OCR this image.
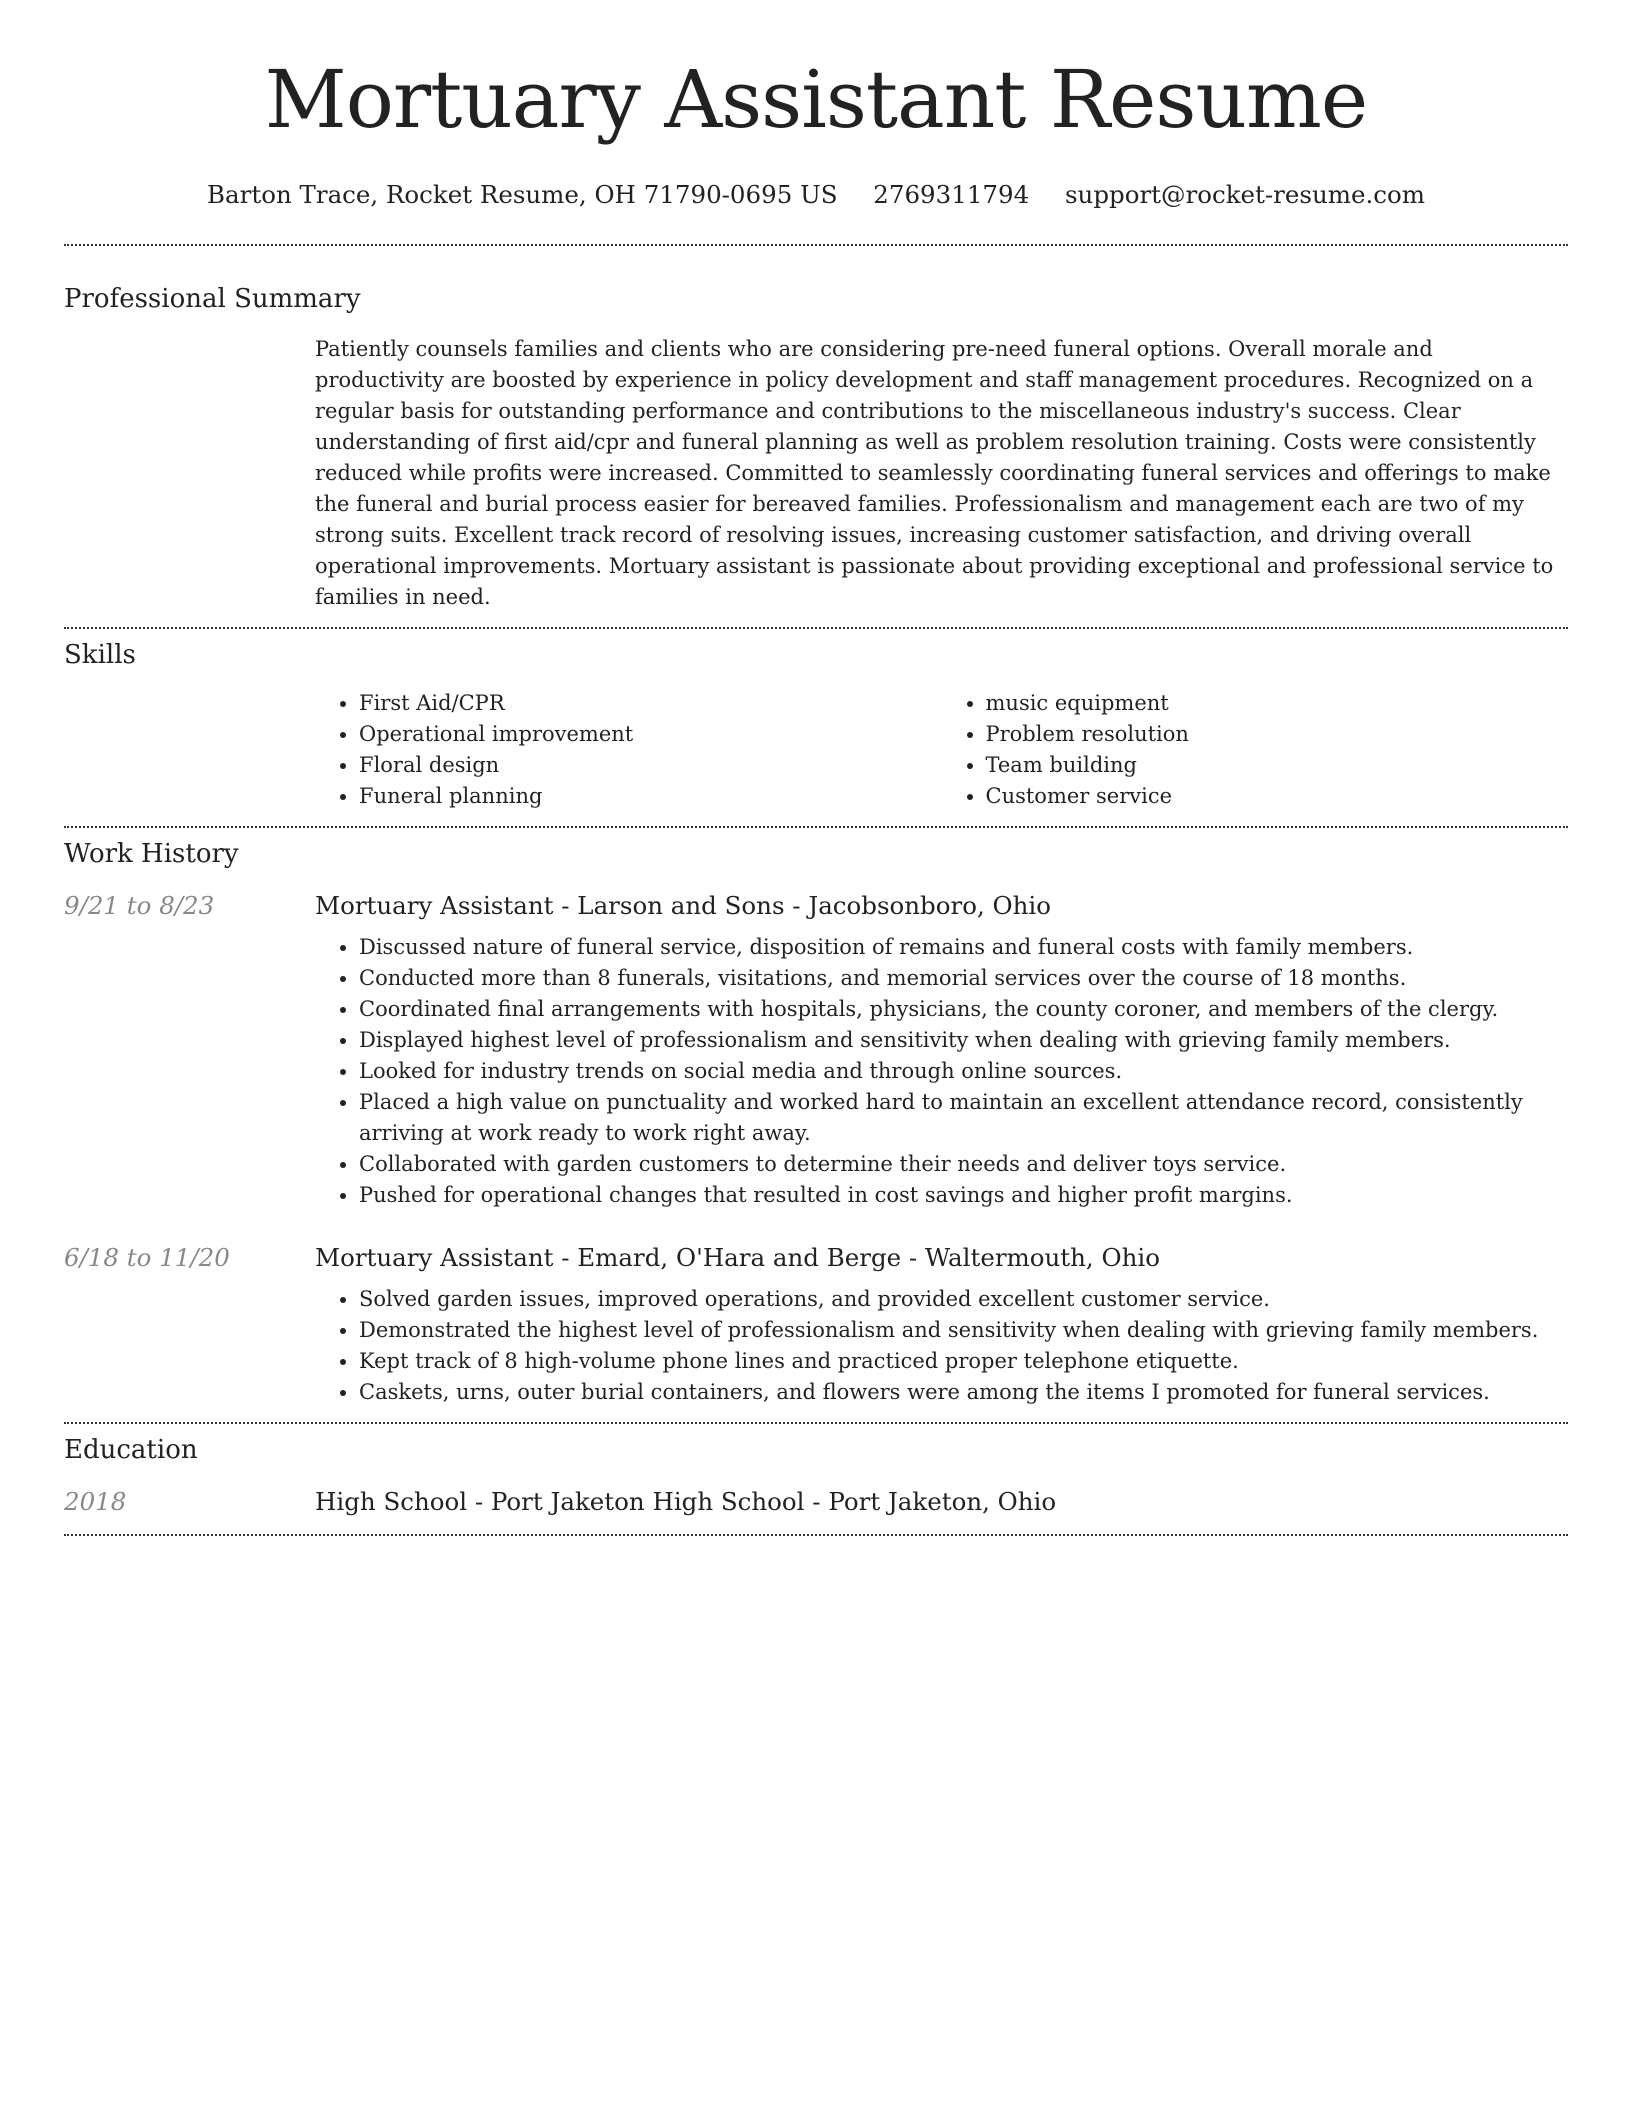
Mortuary Assistant Resume
Barton Trace, Rocket Resume, OH 71790-0695 US 2769311794 support@rocket-resume.com
Professional Summary

Patiently counsels families and clients who are considering pre-need funeral options. Overall morale and productivity are boosted by experience in policy development and staff management procedures. Recognized on a regular basis for outstanding performance and contributions to the miscellaneous industry's success. Clear understanding of first aid/cpr and funeral planning as well as problem resolution training. Costs were consistently reduced while profits were increased. Committed to seamlessly coordinating funeral services and offerings to make the funeral and burial process easier for bereaved families. Professionalism and management each are two of my strong suits. Excellent track record of resolving issues, increasing customer satisfaction, and driving overall operational improvements. Mortuary assistant is passionate about providing exceptional and professional service to families in need.

Skills
• First Aid/CPR
• Operational improvement
• Floral design
• Funeral planning
• music equipment
• Problem resolution
• Team building
• Customer service
Work History
9/21 to 8/23	Mortuary Assistant - Larson and Sons - Jacobsonboro, Ohio
• Discussed nature of funeral service, disposition of remains and funeral costs with family members.
• Conducted more than 8 funerals, visitations, and memorial services over the course of 18 months.
• Coordinated final arrangements with hospitals, physicians, the county coroner, and members of the clergy.
• Displayed highest level of professionalism and sensitivity when dealing with grieving family members.
• Looked for industry trends on social media and through online sources.
• Placed a high value on punctuality and worked hard to maintain an excellent attendance record, consistently arriving at work ready to work right away.
• Collaborated with garden customers to determine their needs and deliver toys service.
• Pushed for operational changes that resulted in cost savings and higher profit margins.
6/18 to 11/20	Mortuary Assistant - Emard, O'Hara and Berge - Waltermouth, Ohio
• Solved garden issues, improved operations, and provided excellent customer service.
• Demonstrated the highest level of professionalism and sensitivity when dealing with grieving family members.
• Kept track of 8 high-volume phone lines and practiced proper telephone etiquette.
• Caskets, urns, outer burial containers, and flowers were among the items I promoted for funeral services.
Education
2018	High School - Port Jaketon High School - Port Jaketon, Ohio
